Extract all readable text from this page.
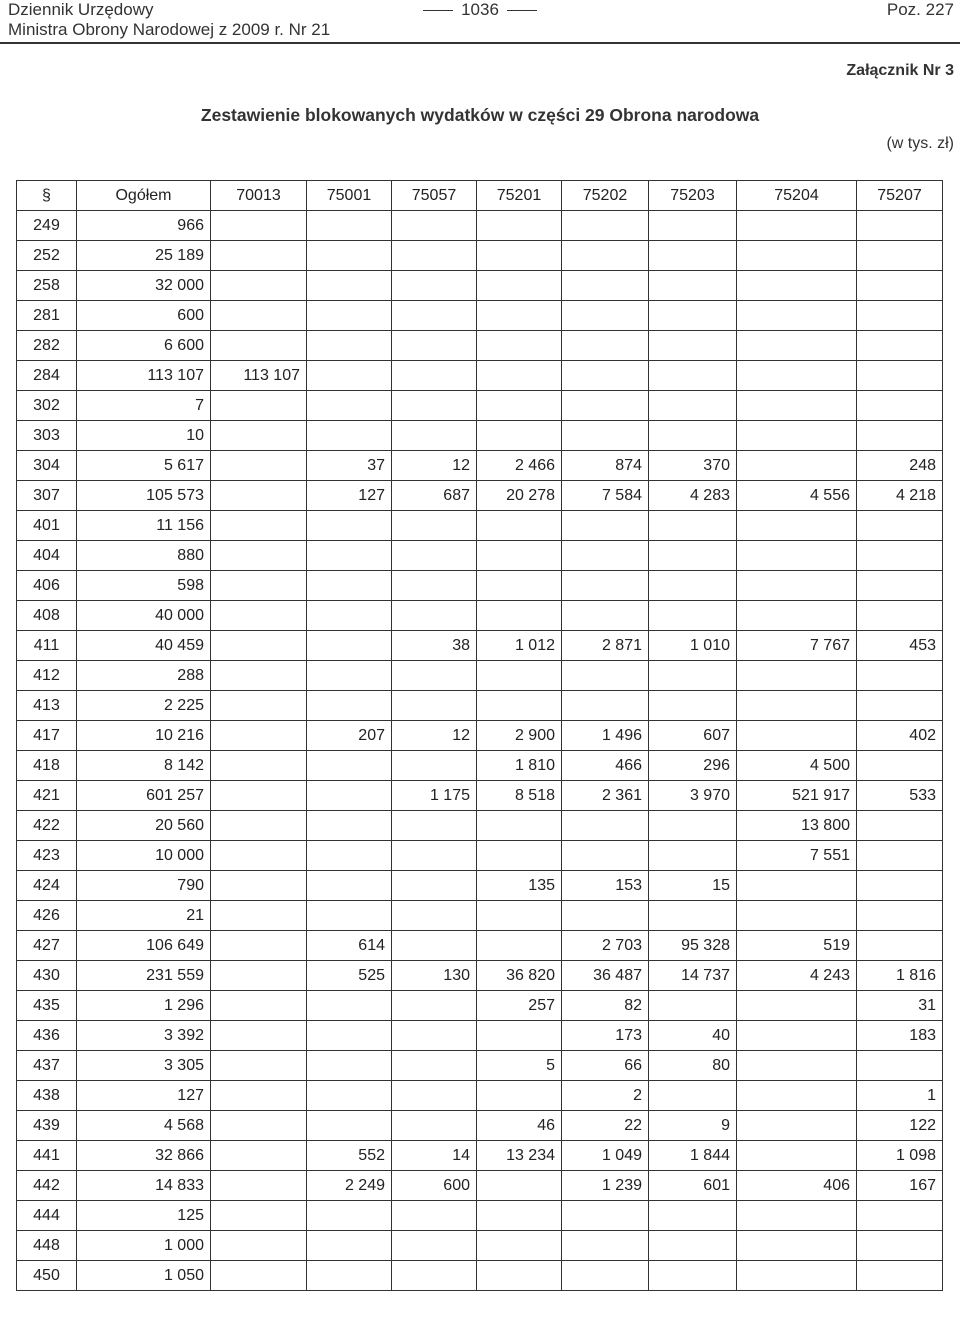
Dziennik Urzędowy
Ministra Obrony Narodowej z 2009 r. Nr 21
1036	Poz. 227
Załącznik Nr 3
Zestawienie blokowanych wydatków w części 29 Obrona narodowa
(w tys. zł)
§	Ogółem	70013	75001	75057	75201	75202	75203	75204	75207
249	966								
252	25 189								
258	32 000								
281	600								
282	6 600								
284	113 107	113 107							
302	7								
303	10								
304	5 617		37	12	2 466	874	370		248
307	105 573		127	687	20 278	7 584	4 283	4 556	4 218
401	11 156								
404	880								
406	598								
408	40 000								
411	40 459			38	1 012	2 871	1 010	7 767	453
412	288								
413	2 225								
417	10 216		207	12	2 900	1 496	607		402
418	8 142				1 810	466	296	4 500	
421	601 257			1 175	8 518	2 361	3 970	521 917	533
422	20 560							13 800	
423	10 000							7 551	
424	790				135	153	15		
426	21								
427	106 649		614			2 703	95 328	519	
430	231 559		525	130	36 820	36 487	14 737	4 243	1 816
435	1 296				257	82			31
436	3 392					173	40		183
437	3 305				5	66	80		
438	127					2			1
439	4 568				46	22	9		122
441	32 866		552	14	13 234	1 049	1 844		1 098
442	14 833		2 249	600		1 239	601	406	167
444	125								
448	1 000								
450	1 050								
